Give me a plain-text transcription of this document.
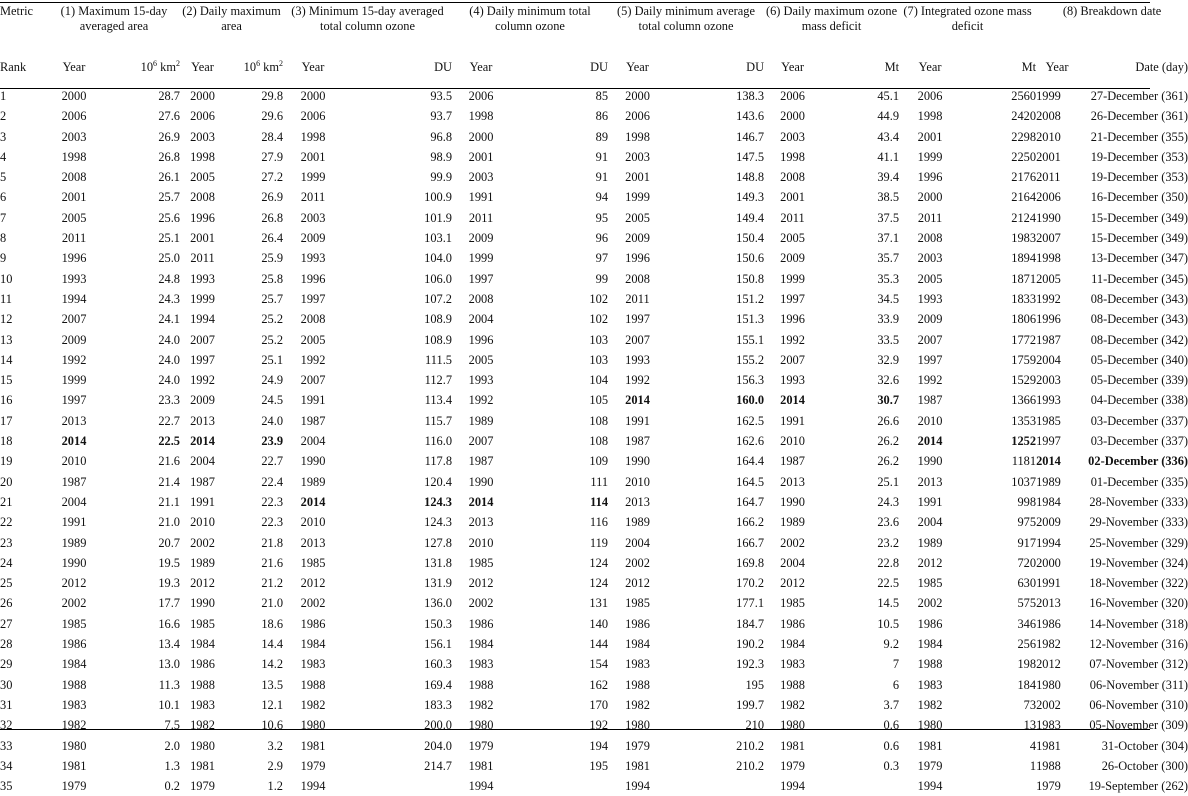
Metric	(1) Maximum 15-day averaged area		(2) Daily maximum area		(3) Minimum 15-day averaged total column ozone		(4) Daily minimum total column ozone		(5) Daily minimum average total column ozone		(6) Daily maximum ozone mass deficit		(7) Integrated ozone mass deficit		(8) Breakdown date	
Rank	Year	$10^6$ $km^2$	Year	$10^6$ $km^2$	Year	DU	Year	DU	Year	DU	Year	Mt	Year	Mt	Year	Date (day)
1	2000	28.7	2000	29.8	2000	93.5	2006	85	2000	138.3	2006	45.1	2006	2560	1999	27-December (361)
2	2006	27.6	2006	29.6	2006	93.7	1998	86	2006	143.6	2000	44.9	1998	2420	2008	26-December (361)
3	2003	26.9	2003	28.4	1998	96.8	2000	89	1998	146.7	2003	43.4	2001	2298	2010	21-December (355)
4	1998	26.8	1998	27.9	2001	98.9	2001	91	2003	147.5	1998	41.1	1999	2250	2001	19-December (353)
5	2008	26.1	2005	27.2	1999	99.9	2003	91	2001	148.8	2008	39.4	1996	2176	2011	19-December (353)
6	2001	25.7	2008	26.9	2011	100.9	1991	94	1999	149.3	2001	38.5	2000	2164	2006	16-December (350)
7	2005	25.6	1996	26.8	2003	101.9	2011	95	2005	149.4	2011	37.5	2011	2124	1990	15-December (349)
8	2011	25.1	2001	26.4	2009	103.1	2009	96	2009	150.4	2005	37.1	2008	1983	2007	15-December (349)
9	1996	25.0	2011	25.9	1993	104.0	1999	97	1996	150.6	2009	35.7	2003	1894	1998	13-December (347)
10	1993	24.8	1993	25.8	1996	106.0	1997	99	2008	150.8	1999	35.3	2005	1871	2005	11-December (345)
11	1994	24.3	1999	25.7	1997	107.2	2008	102	2011	151.2	1997	34.5	1993	1833	1992	08-December (343)
12	2007	24.1	1994	25.2	2008	108.9	2004	102	1997	151.3	1996	33.9	2009	1806	1996	08-December (343)
13	2009	24.0	2007	25.2	2005	108.9	1996	103	2007	155.1	1992	33.5	2007	1772	1987	08-December (342)
14	1992	24.0	1997	25.1	1992	111.5	2005	103	1993	155.2	2007	32.9	1997	1759	2004	05-December (340)
15	1999	24.0	1992	24.9	2007	112.7	1993	104	1992	156.3	1993	32.6	1992	1529	2003	05-December (339)
16	1997	23.3	2009	24.5	1991	113.4	1992	105	2014	160.0	2014	30.7	1987	1366	1993	04-December (338)
17	2013	22.7	2013	24.0	1987	115.7	1989	108	1991	162.5	1991	26.6	2010	1353	1985	03-December (337)
18	2014	22.5	2014	23.9	2004	116.0	2007	108	1987	162.6	2010	26.2	2014	1252	1997	03-December (337)
19	2010	21.6	2004	22.7	1990	117.8	1987	109	1990	164.4	1987	26.2	1990	1181	2014	02-December (336)
20	1987	21.4	1987	22.4	1989	120.4	1990	111	2010	164.5	2013	25.1	2013	1037	1989	01-December (335)
21	2004	21.1	1991	22.3	2014	124.3	2014	114	2013	164.7	1990	24.3	1991	998	1984	28-November (333)
22	1991	21.0	2010	22.3	2010	124.3	2013	116	1989	166.2	1989	23.6	2004	975	2009	29-November (333)
23	1989	20.7	2002	21.8	2013	127.8	2010	119	2004	166.7	2002	23.2	1989	917	1994	25-November (329)
24	1990	19.5	1989	21.6	1985	131.8	1985	124	2002	169.8	2004	22.8	2012	720	2000	19-November (324)
25	2012	19.3	2012	21.2	2012	131.9	2012	124	2012	170.2	2012	22.5	1985	630	1991	18-November (322)
26	2002	17.7	1990	21.0	2002	136.0	2002	131	1985	177.1	1985	14.5	2002	575	2013	16-November (320)
27	1985	16.6	1985	18.6	1986	150.3	1986	140	1986	184.7	1986	10.5	1986	346	1986	14-November (318)
28	1986	13.4	1984	14.4	1984	156.1	1984	144	1984	190.2	1984	9.2	1984	256	1982	12-November (316)
29	1984	13.0	1986	14.2	1983	160.3	1983	154	1983	192.3	1983	7	1988	198	2012	07-November (312)
30	1988	11.3	1988	13.5	1988	169.4	1988	162	1988	195	1988	6	1983	184	1980	06-November (311)
31	1983	10.1	1983	12.1	1982	183.3	1982	170	1982	199.7	1982	3.7	1982	73	2002	06-November (310)
32	1982	7.5	1982	10.6	1980	200.0	1980	192	1980	210	1980	0.6	1980	13	1983	05-November (309)
33	1980	2.0	1980	3.2	1981	204.0	1979	194	1979	210.2	1981	0.6	1981	4	1981	31-October (304)
34	1981	1.3	1981	2.9	1979	214.7	1981	195	1981	210.2	1979	0.3	1979	1	1988	26-October (300)
35	1979	0.2	1979	1.2	1994		1994		1994		1994		1994		1979	19-September (262)
